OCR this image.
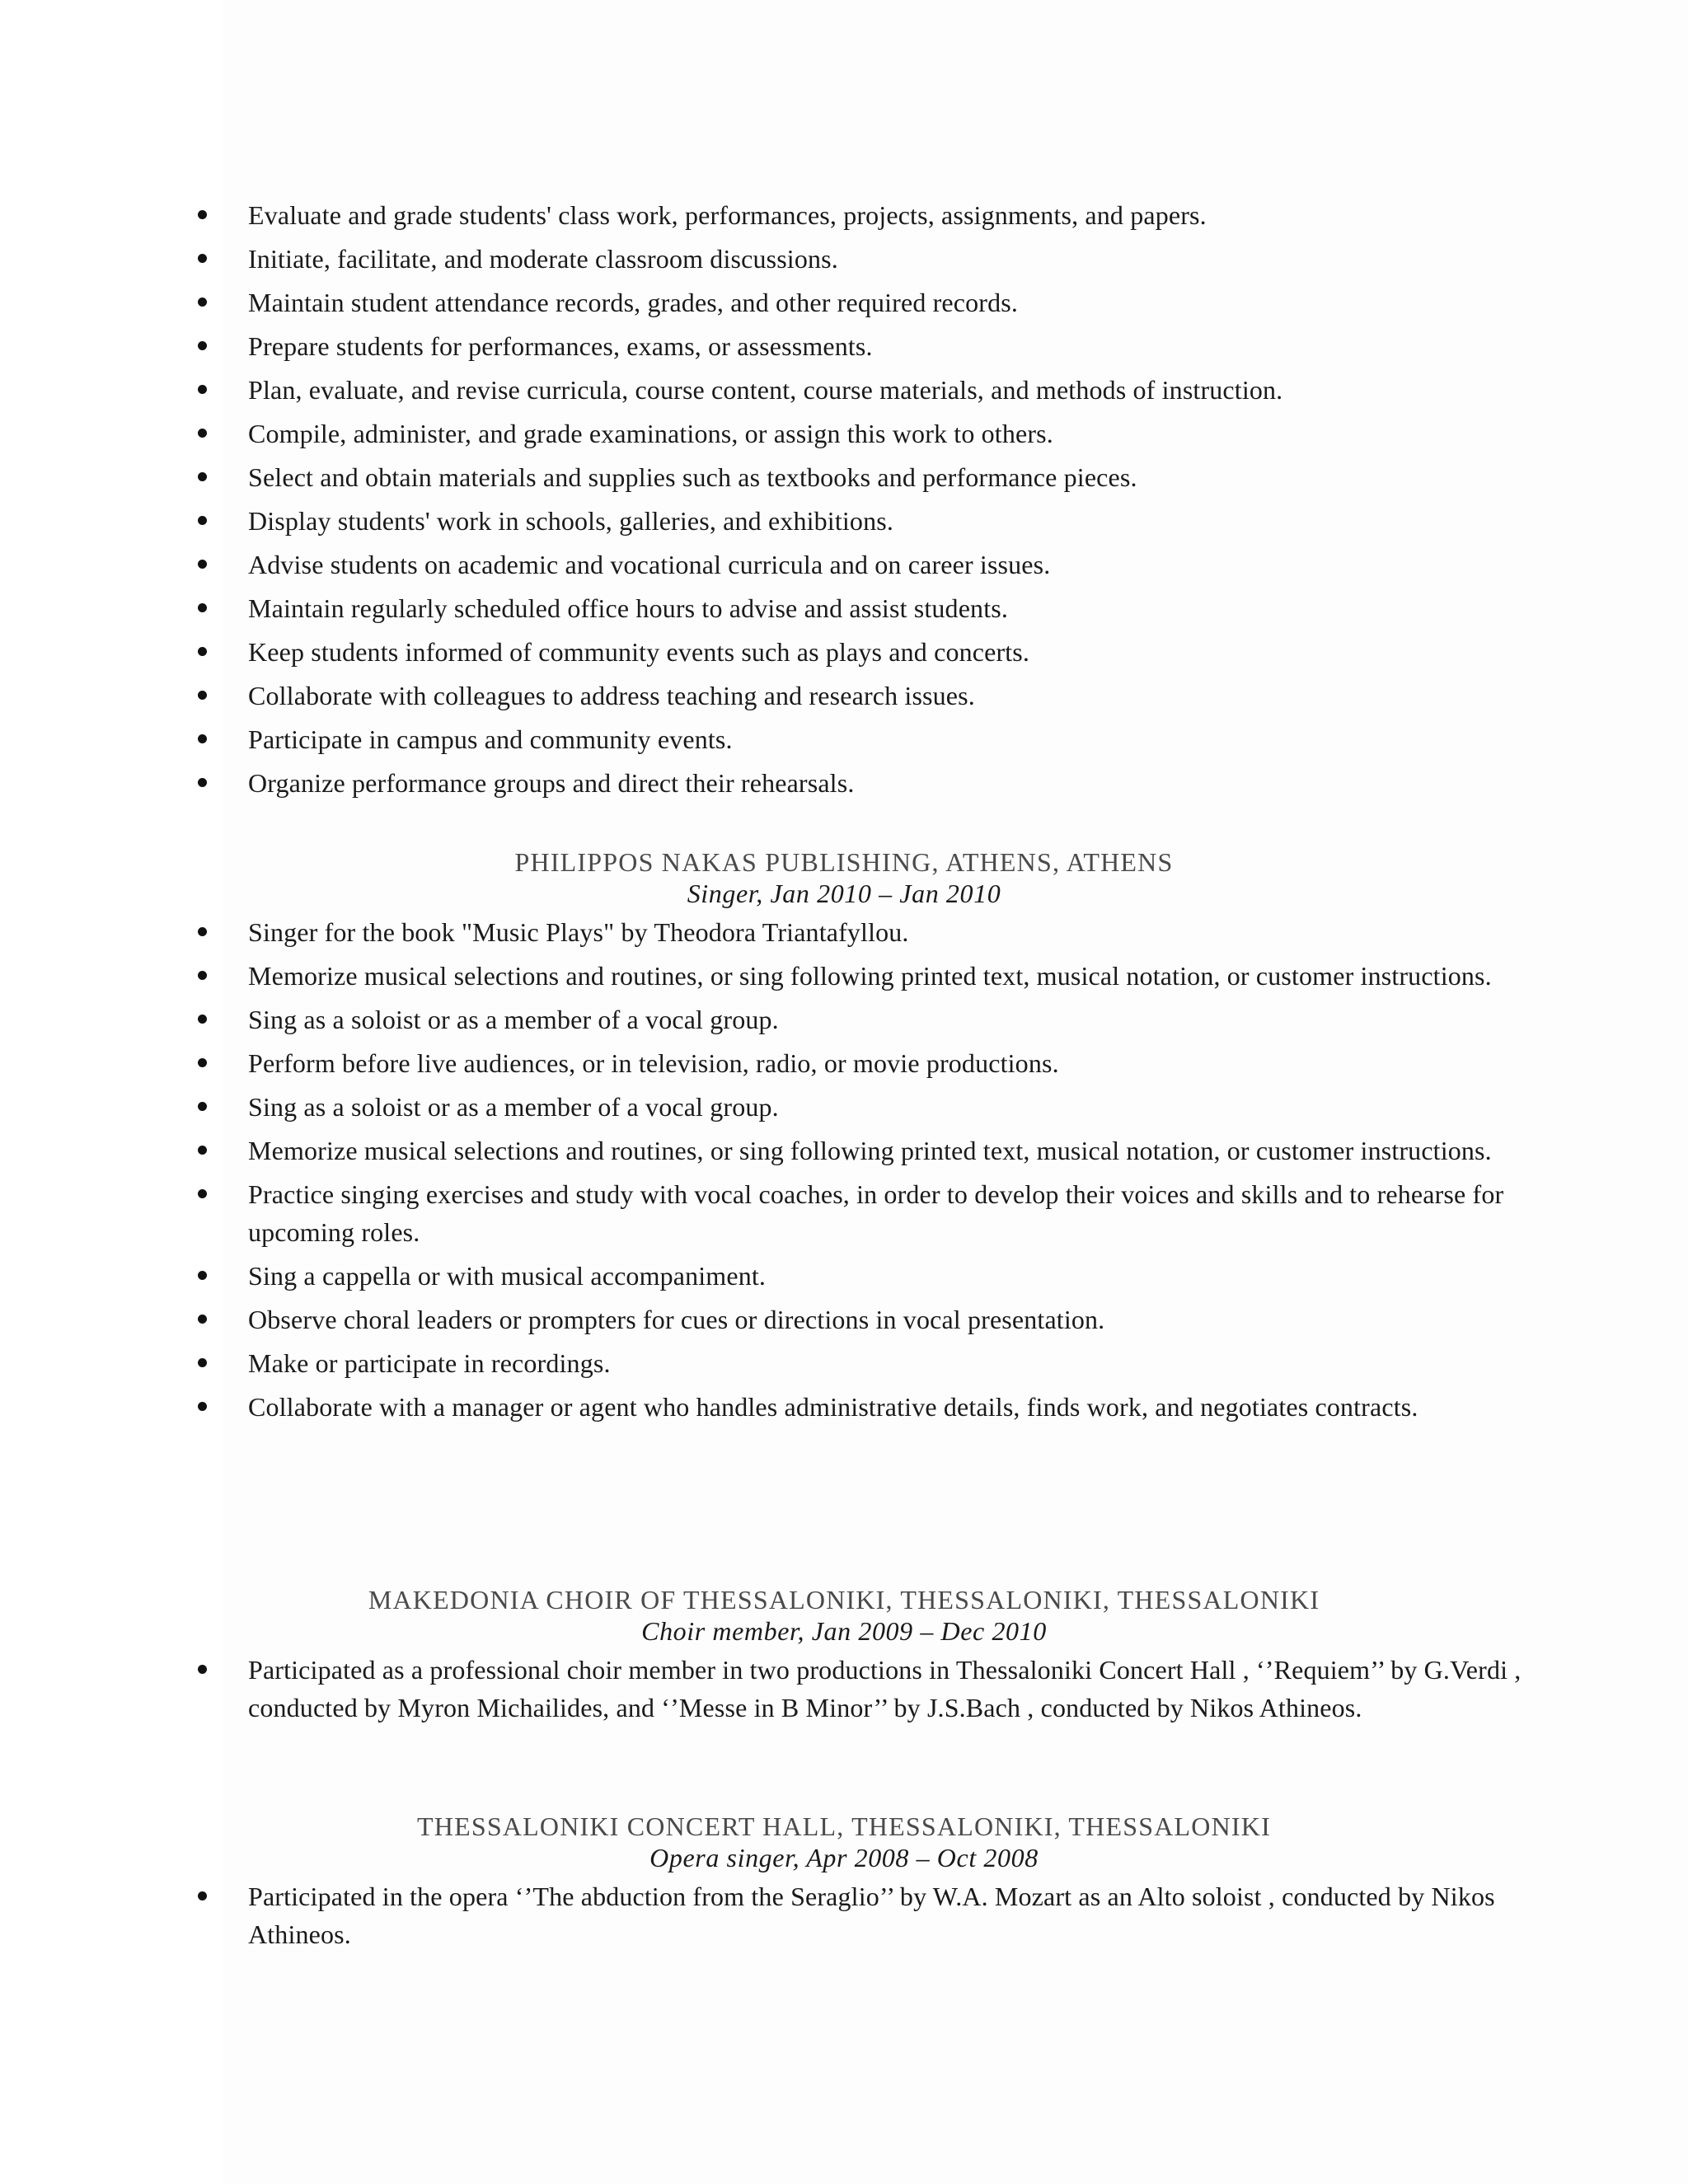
Evaluate and grade students' class work, performances, projects, assignments, and papers.
Initiate, facilitate, and moderate classroom discussions.
Maintain student attendance records, grades, and other required records.
Prepare students for performances, exams, or assessments.
Plan, evaluate, and revise curricula, course content, course materials, and methods of instruction.
Compile, administer, and grade examinations, or assign this work to others.
Select and obtain materials and supplies such as textbooks and performance pieces.
Display students' work in schools, galleries, and exhibitions.
Advise students on academic and vocational curricula and on career issues.
Maintain regularly scheduled office hours to advise and assist students.
Keep students informed of community events such as plays and concerts.
Collaborate with colleagues to address teaching and research issues.
Participate in campus and community events.
Organize performance groups and direct their rehearsals.
PHILIPPOS NAKAS PUBLISHING, ATHENS, ATHENS
Singer, Jan 2010 – Jan 2010
Singer for the book "Music Plays" by Theodora Triantafyllou.
Memorize musical selections and routines, or sing following printed text, musical notation, or customer instructions.
Sing as a soloist or as a member of a vocal group.
Perform before live audiences, or in television, radio, or movie productions.
Sing as a soloist or as a member of a vocal group.
Memorize musical selections and routines, or sing following printed text, musical notation, or customer instructions.
Practice singing exercises and study with vocal coaches, in order to develop their voices and skills and to rehearse for upcoming roles.
Sing a cappella or with musical accompaniment.
Observe choral leaders or prompters for cues or directions in vocal presentation.
Make or participate in recordings.
Collaborate with a manager or agent who handles administrative details, finds work, and negotiates contracts.
MAKEDONIA CHOIR OF THESSALONIKI, THESSALONIKI, THESSALONIKI
Choir member, Jan 2009 – Dec 2010
Participated as a professional choir member in two productions in Thessaloniki Concert Hall , ‘’Requiem’’ by G.Verdi , conducted by Myron Michailides, and ‘’Messe in B Minor’’ by J.S.Bach , conducted by Nikos Athineos.
THESSALONIKI CONCERT HALL, THESSALONIKI, THESSALONIKI
Opera singer, Apr 2008 – Oct 2008
Participated in the opera ‘’The abduction from the Seraglio’’ by W.A. Mozart as an Alto soloist , conducted by Nikos Athineos.
